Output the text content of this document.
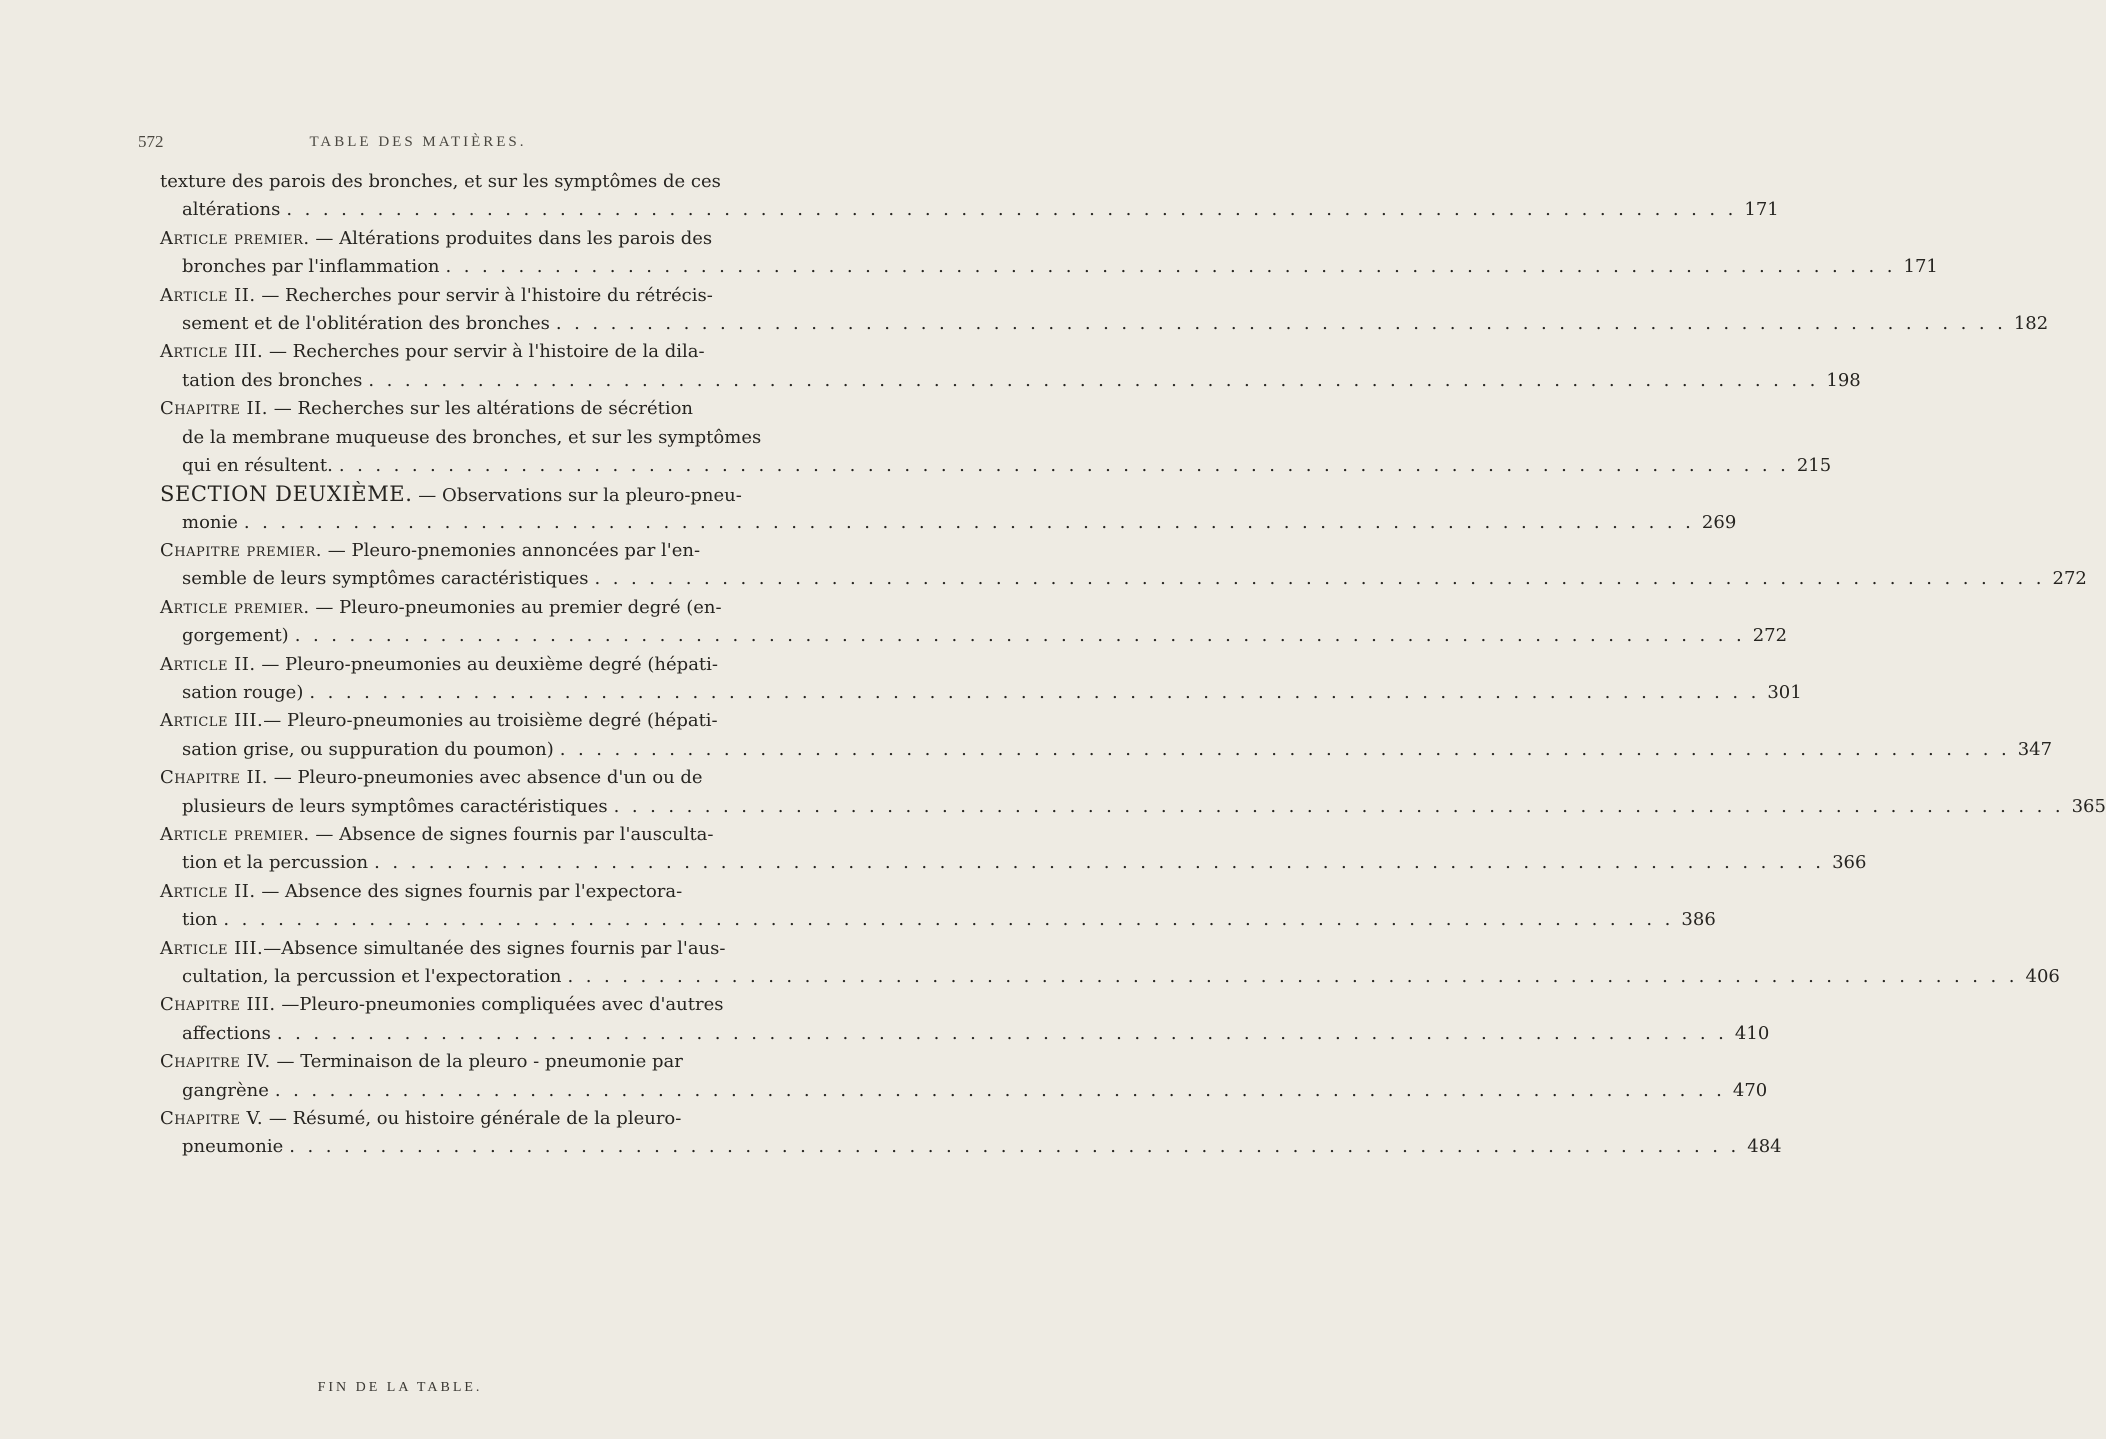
572	TABLE DES MATIÈRES.
texture des parois des bronches, et sur les symptômes de ces
altérations . . . . . . . . . . . . . . . . . . . . . . . . . . . . . . . . . . . . . . . . . . . . . . . . . . . . . . . . . . . . . . . . . . . . . . . . . . . . . . . . 171
Article premier. — Altérations produites dans les parois des
bronches par l'inflammation . . . . . . . . . . . . . . . . . . . . . . . . . . . . . . . . . . . . . . . . . . . . . . . . . . . . . . . . . . . . . . . . . . . . . . . . . . . . . . . . 171
Article II. — Recherches pour servir à l'histoire du rétrécis-
sement et de l'oblitération des bronches . . . . . . . . . . . . . . . . . . . . . . . . . . . . . . . . . . . . . . . . . . . . . . . . . . . . . . . . . . . . . . . . . . . . . . . . . . . . . . . . 182
Article III. — Recherches pour servir à l'histoire de la dila-
tation des bronches . . . . . . . . . . . . . . . . . . . . . . . . . . . . . . . . . . . . . . . . . . . . . . . . . . . . . . . . . . . . . . . . . . . . . . . . . . . . . . . . 198
Chapitre II. — Recherches sur les altérations de sécrétion
de la membrane muqueuse des bronches, et sur les symptômes
qui en résultent. . . . . . . . . . . . . . . . . . . . . . . . . . . . . . . . . . . . . . . . . . . . . . . . . . . . . . . . . . . . . . . . . . . . . . . . . . . . . . . . . 215
SECTION DEUXIÈME. — Observations sur la pleuro-pneu-
monie . . . . . . . . . . . . . . . . . . . . . . . . . . . . . . . . . . . . . . . . . . . . . . . . . . . . . . . . . . . . . . . . . . . . . . . . . . . . . . . . 269
Chapitre premier. — Pleuro-pnemonies annoncées par l'en-
semble de leurs symptômes caractéristiques . . . . . . . . . . . . . . . . . . . . . . . . . . . . . . . . . . . . . . . . . . . . . . . . . . . . . . . . . . . . . . . . . . . . . . . . . . . . . . . . 272
Article premier. — Pleuro-pneumonies au premier degré (en-
gorgement) . . . . . . . . . . . . . . . . . . . . . . . . . . . . . . . . . . . . . . . . . . . . . . . . . . . . . . . . . . . . . . . . . . . . . . . . . . . . . . . . 272
Article II. — Pleuro-pneumonies au deuxième degré (hépati-
sation rouge) . . . . . . . . . . . . . . . . . . . . . . . . . . . . . . . . . . . . . . . . . . . . . . . . . . . . . . . . . . . . . . . . . . . . . . . . . . . . . . . . 301
Article III.— Pleuro-pneumonies au troisième degré (hépati-
sation grise, ou suppuration du poumon) . . . . . . . . . . . . . . . . . . . . . . . . . . . . . . . . . . . . . . . . . . . . . . . . . . . . . . . . . . . . . . . . . . . . . . . . . . . . . . . . 347
Chapitre II. — Pleuro-pneumonies avec absence d'un ou de
plusieurs de leurs symptômes caractéristiques . . . . . . . . . . . . . . . . . . . . . . . . . . . . . . . . . . . . . . . . . . . . . . . . . . . . . . . . . . . . . . . . . . . . . . . . . . . . . . . . 365
Article premier. — Absence de signes fournis par l'ausculta-
tion et la percussion . . . . . . . . . . . . . . . . . . . . . . . . . . . . . . . . . . . . . . . . . . . . . . . . . . . . . . . . . . . . . . . . . . . . . . . . . . . . . . . . 366
Article II. — Absence des signes fournis par l'expectora-
tion . . . . . . . . . . . . . . . . . . . . . . . . . . . . . . . . . . . . . . . . . . . . . . . . . . . . . . . . . . . . . . . . . . . . . . . . . . . . . . . . 386
Article III.—Absence simultanée des signes fournis par l'aus-
cultation, la percussion et l'expectoration . . . . . . . . . . . . . . . . . . . . . . . . . . . . . . . . . . . . . . . . . . . . . . . . . . . . . . . . . . . . . . . . . . . . . . . . . . . . . . . . 406
Chapitre III. —Pleuro-pneumonies compliquées avec d'autres
affections . . . . . . . . . . . . . . . . . . . . . . . . . . . . . . . . . . . . . . . . . . . . . . . . . . . . . . . . . . . . . . . . . . . . . . . . . . . . . . . . 410
Chapitre IV. — Terminaison de la pleuro - pneumonie par
gangrène . . . . . . . . . . . . . . . . . . . . . . . . . . . . . . . . . . . . . . . . . . . . . . . . . . . . . . . . . . . . . . . . . . . . . . . . . . . . . . . . 470
Chapitre V. — Résumé, ou histoire générale de la pleuro-
pneumonie . . . . . . . . . . . . . . . . . . . . . . . . . . . . . . . . . . . . . . . . . . . . . . . . . . . . . . . . . . . . . . . . . . . . . . . . . . . . . . . . 484
FIN DE LA TABLE.
